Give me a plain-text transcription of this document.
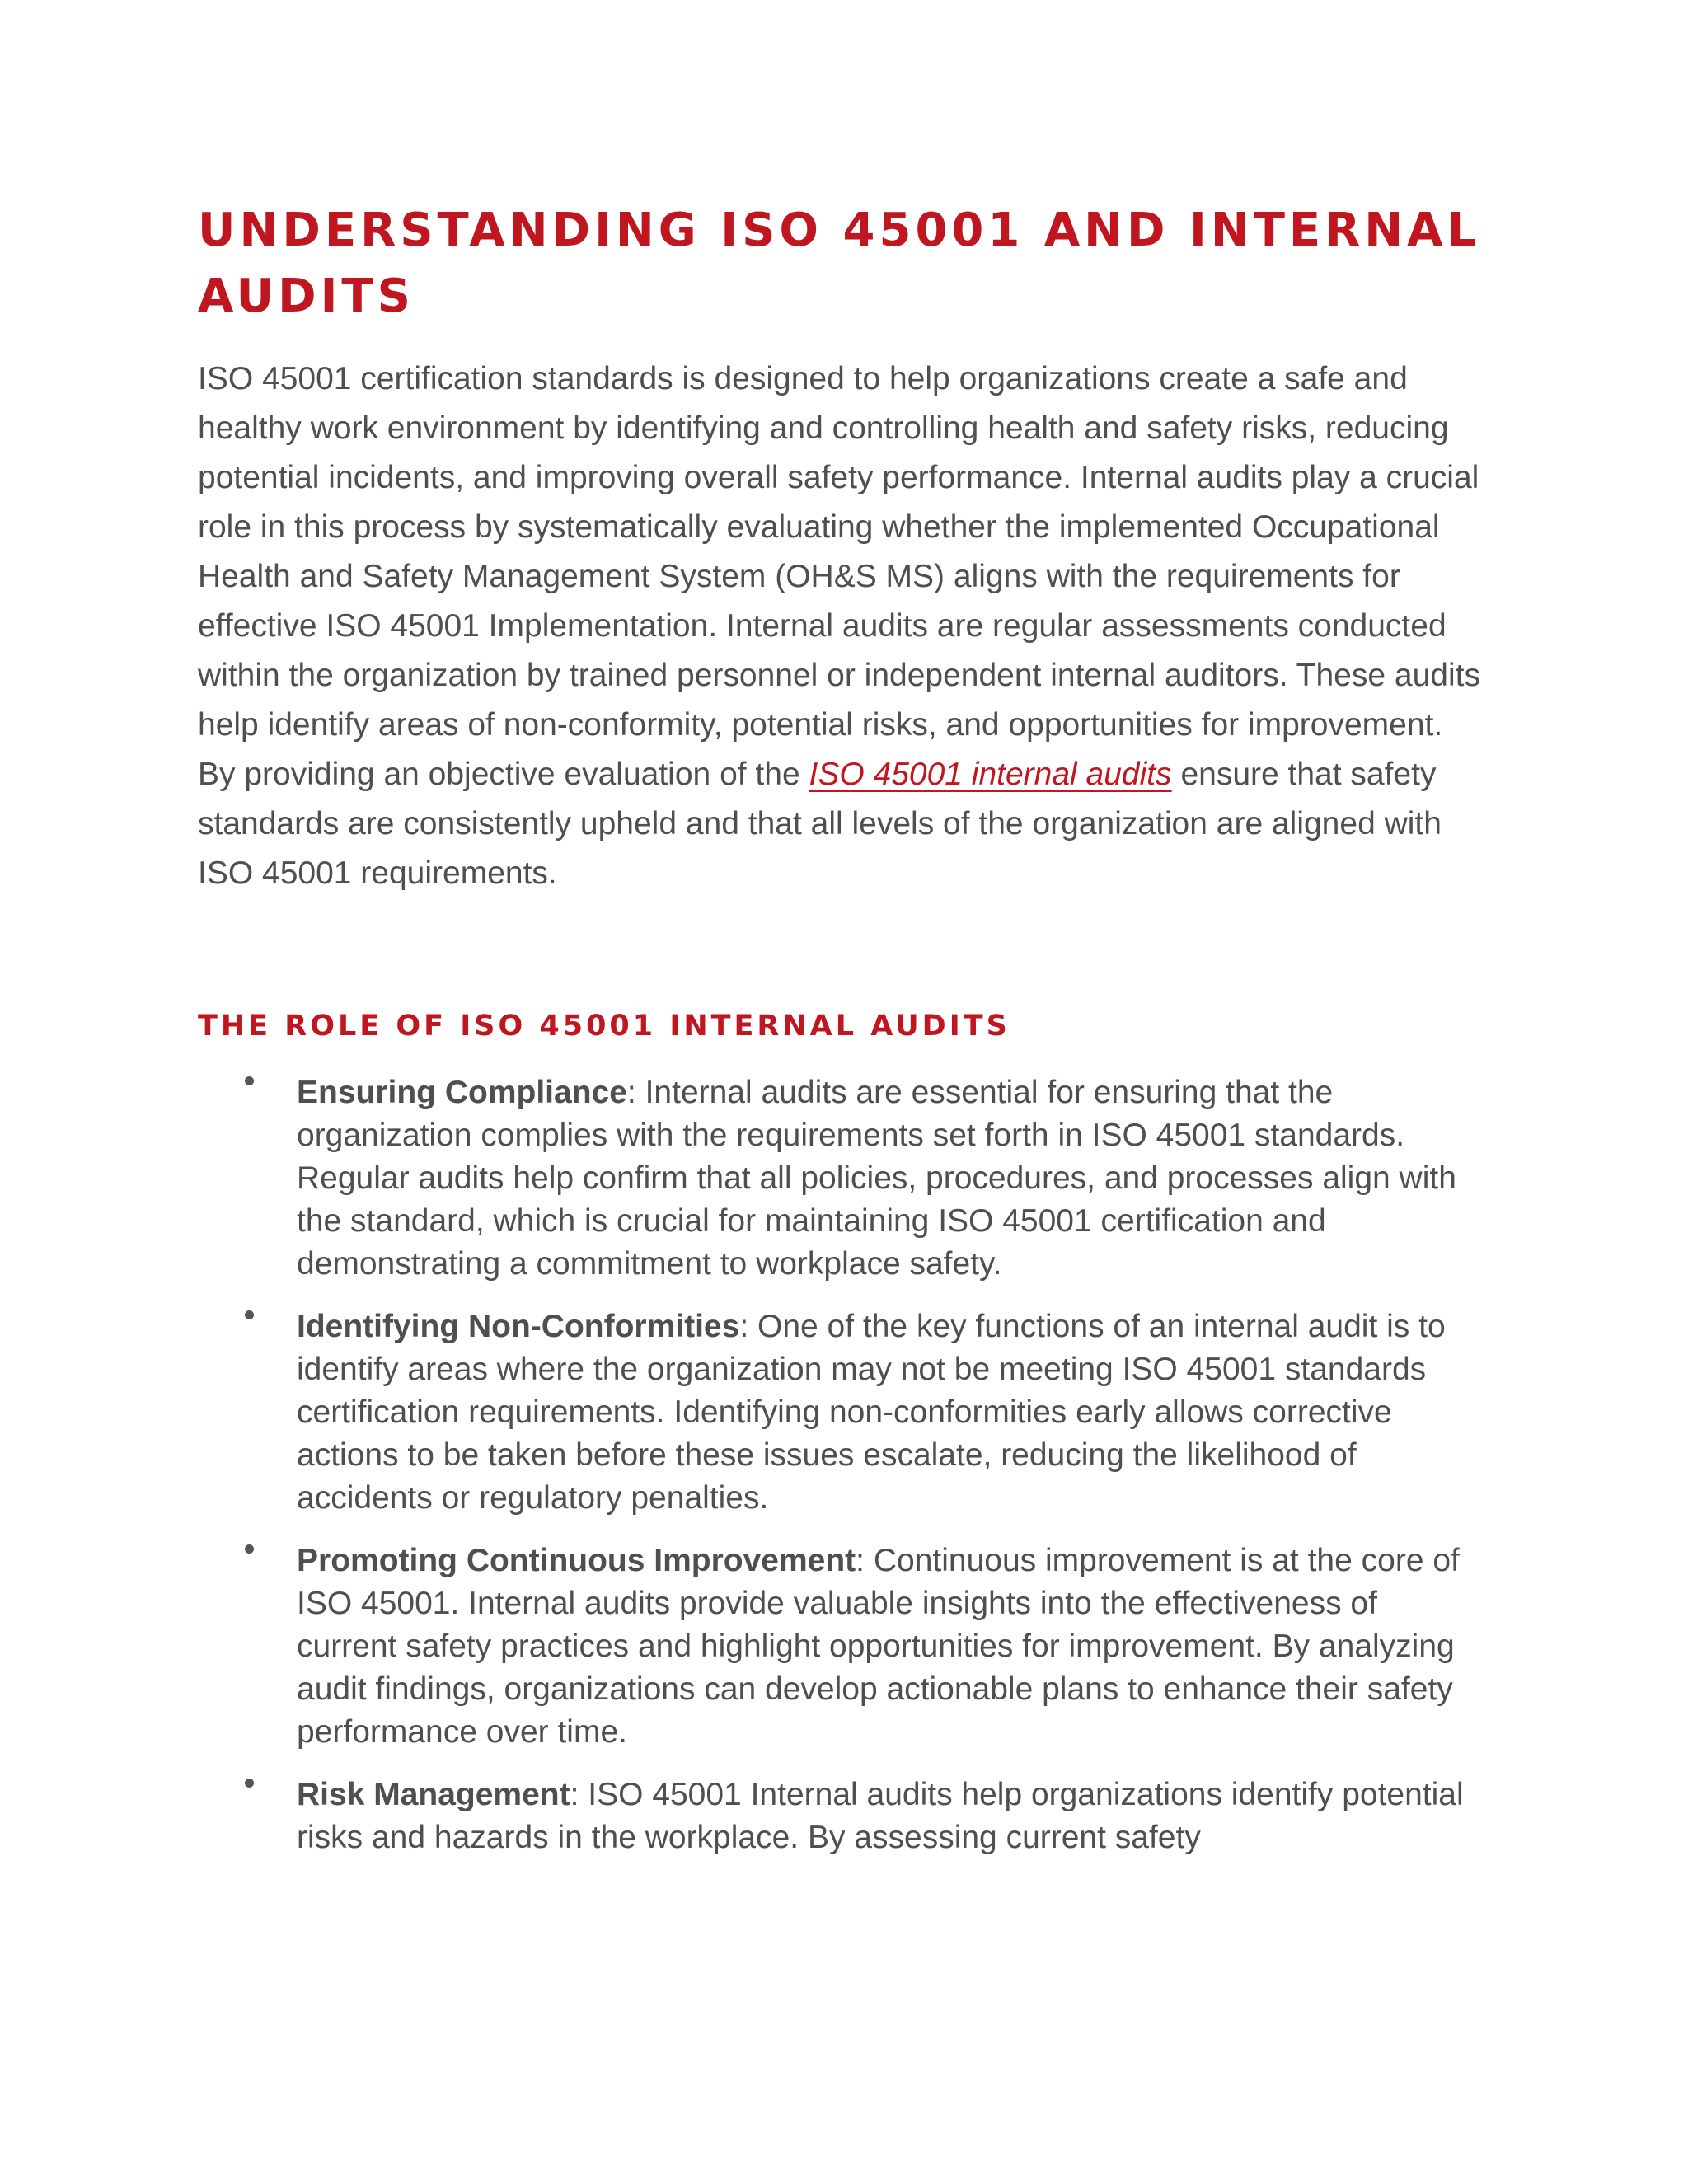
UNDERSTANDING ISO 45001 AND INTERNAL AUDITS

ISO 45001 certification standards is designed to help organizations create a safe and healthy work environment by identifying and controlling health and safety risks, reducing potential incidents, and improving overall safety performance. Internal audits play a crucial role in this process by systematically evaluating whether the implemented Occupational Health and Safety Management System (OH&S MS) aligns with the requirements for effective ISO 45001 Implementation. Internal audits are regular assessments conducted within the organization by trained personnel or independent internal auditors. These audits help identify areas of non-conformity, potential risks, and opportunities for improvement. By providing an objective evaluation of the ISO 45001 internal audits ensure that safety standards are consistently upheld and that all levels of the organization are aligned with ISO 45001 requirements.

THE ROLE OF ISO 45001 INTERNAL AUDITS
Ensuring Compliance: Internal audits are essential for ensuring that the organization complies with the requirements set forth in ISO 45001 standards. Regular audits help confirm that all policies, procedures, and processes align with the standard, which is crucial for maintaining ISO 45001 certification and demonstrating a commitment to workplace safety.
Identifying Non-Conformities: One of the key functions of an internal audit is to identify areas where the organization may not be meeting ISO 45001 standards certification requirements. Identifying non-conformities early allows corrective actions to be taken before these issues escalate, reducing the likelihood of accidents or regulatory penalties.
Promoting Continuous Improvement: Continuous improvement is at the core of ISO 45001. Internal audits provide valuable insights into the effectiveness of current safety practices and highlight opportunities for improvement. By analyzing audit findings, organizations can develop actionable plans to enhance their safety performance over time.
Risk Management: ISO 45001 Internal audits help organizations identify potential risks and hazards in the workplace. By assessing current safety
